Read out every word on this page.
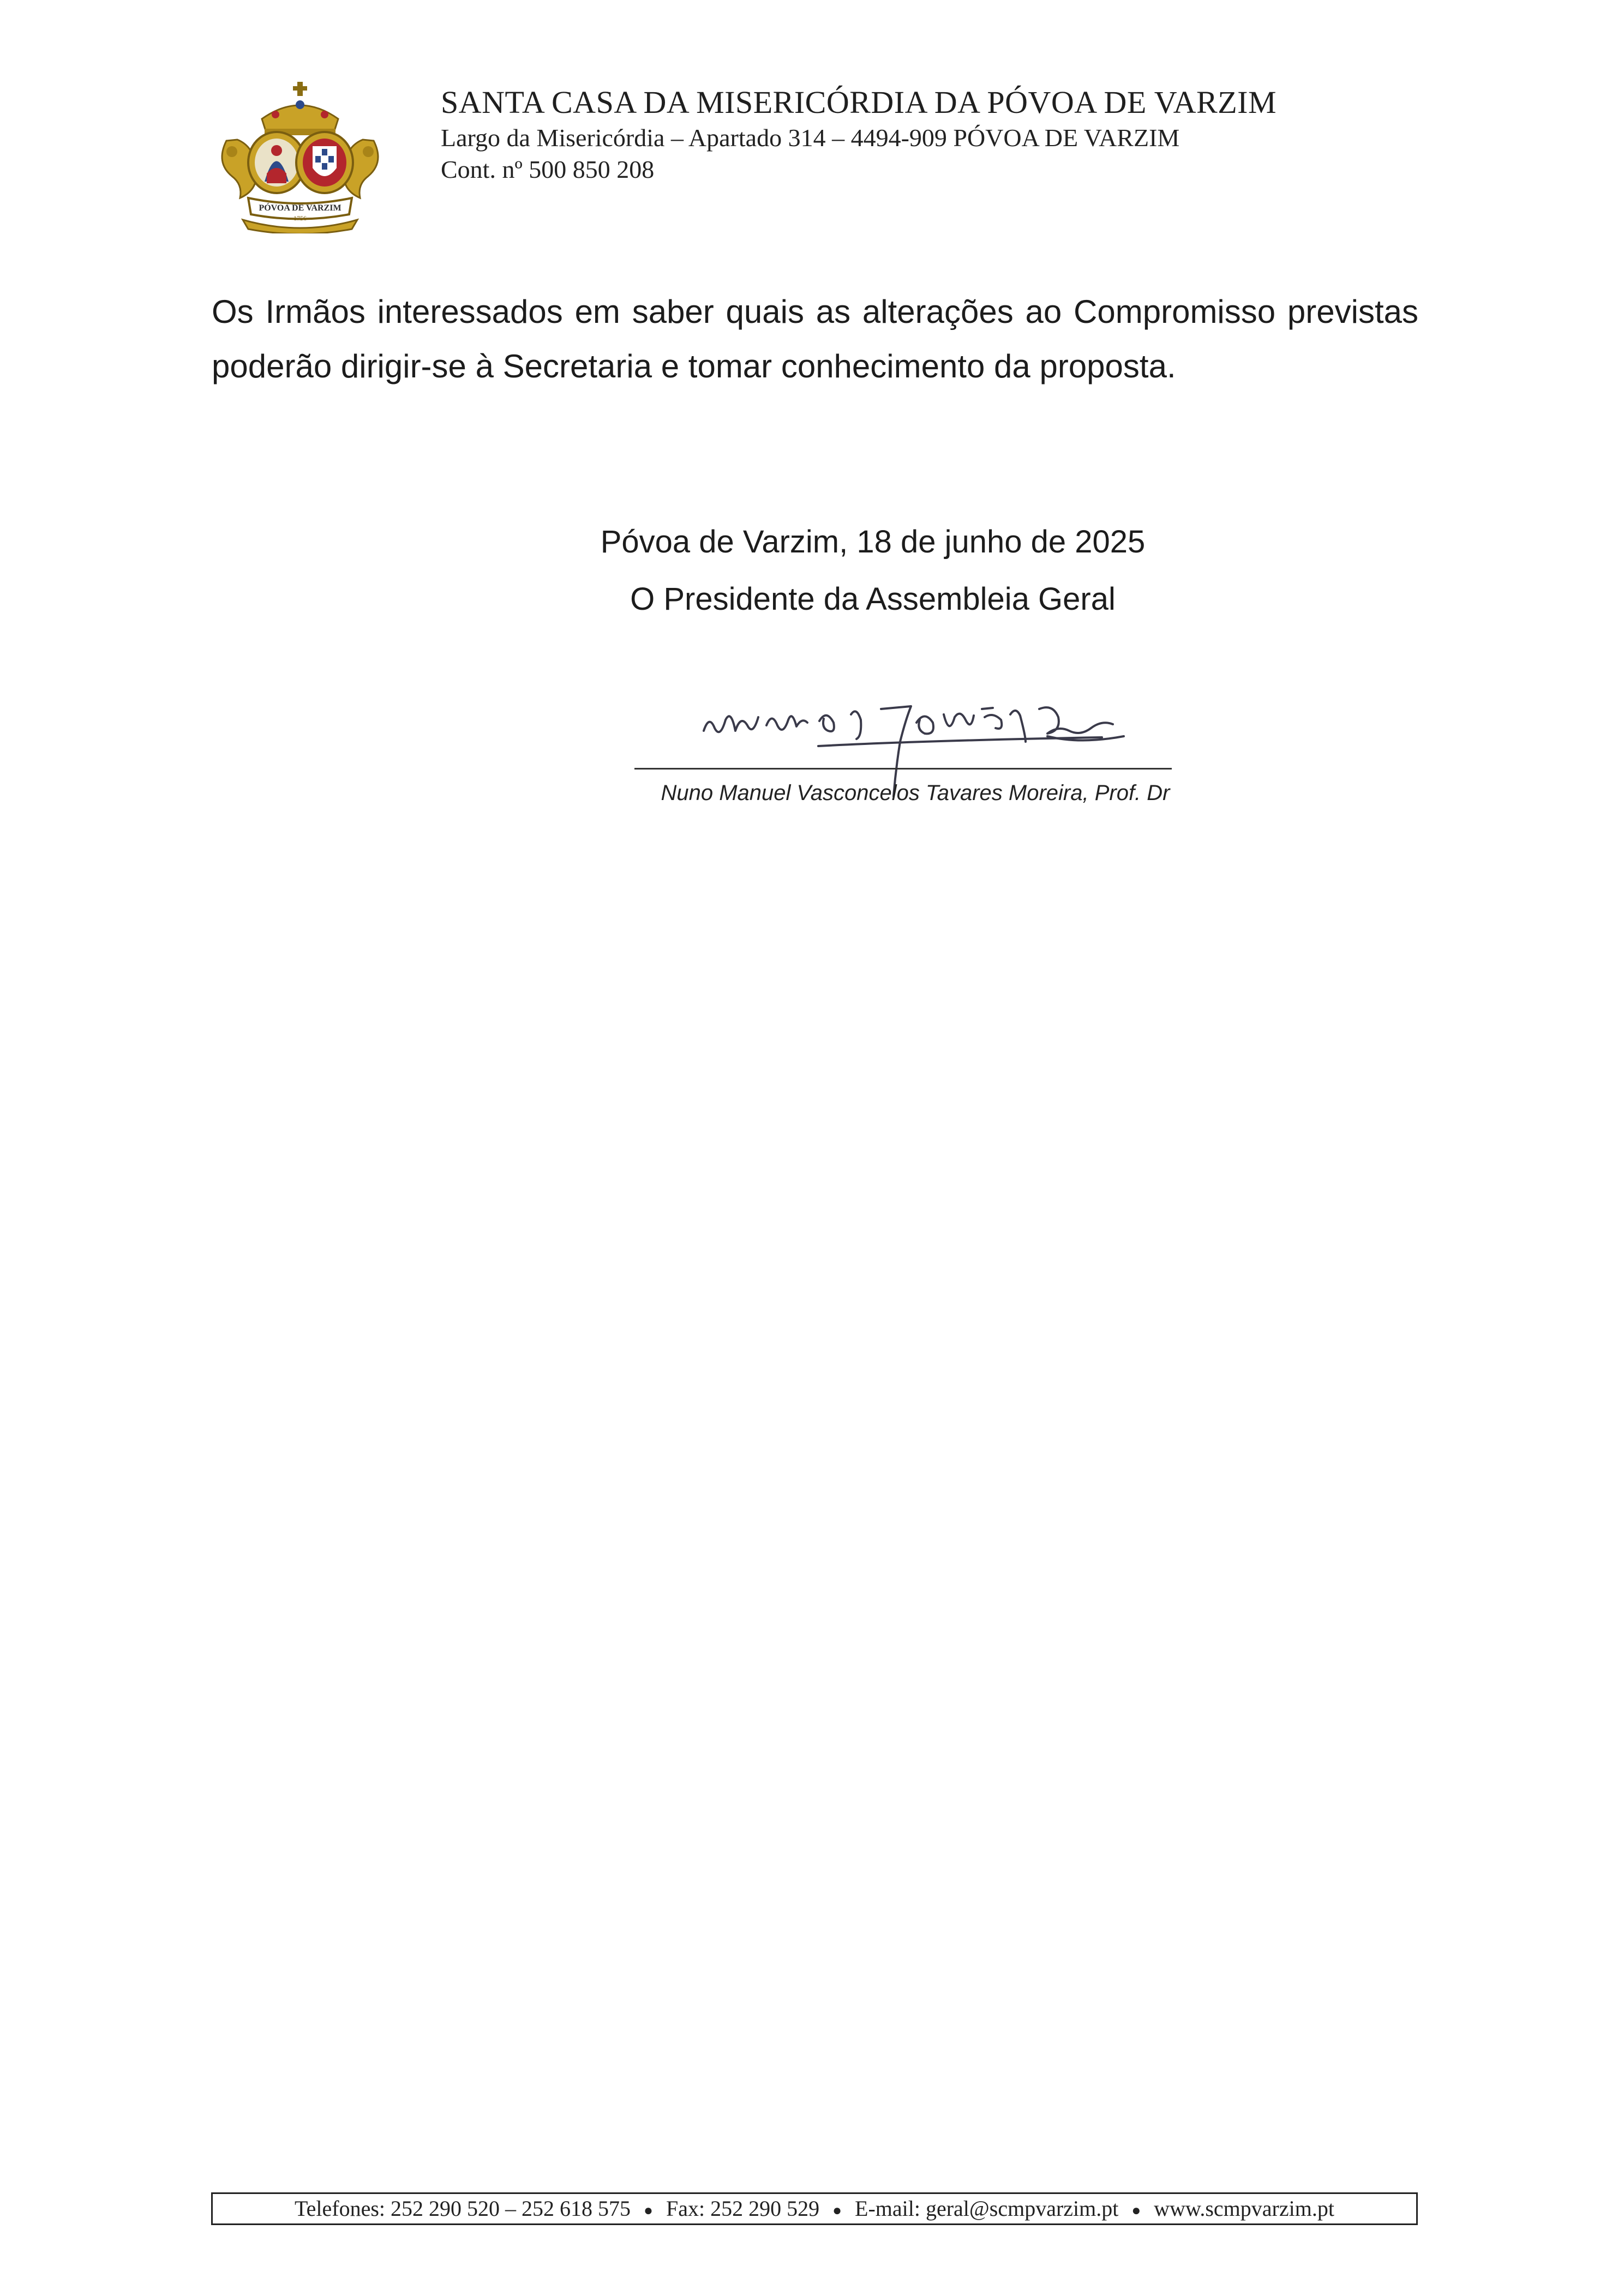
PÓVOA DE VARZIM
1756
SANTA CASA DA MISERICÓRDIA DA PÓVOA DE VARZIM
Largo da Misericórdia – Apartado 314 – 4494-909 PÓVOA DE VARZIM
Cont. nº 500 850 208
Os Irmãos interessados em saber quais as alterações ao Compromisso previstas
poderão dirigir-se à Secretaria e tomar conhecimento da proposta.
Póvoa de Varzim, 18 de junho de 2025
O Presidente da Assembleia Geral
Nuno Manuel Vasconcelos Tavares Moreira, Prof. Dr
Telefones: 252 290 520 – 252 618 575 ● Fax: 252 290 529 ● E-mail: geral@scmpvarzim.pt ● www.scmpvarzim.pt
